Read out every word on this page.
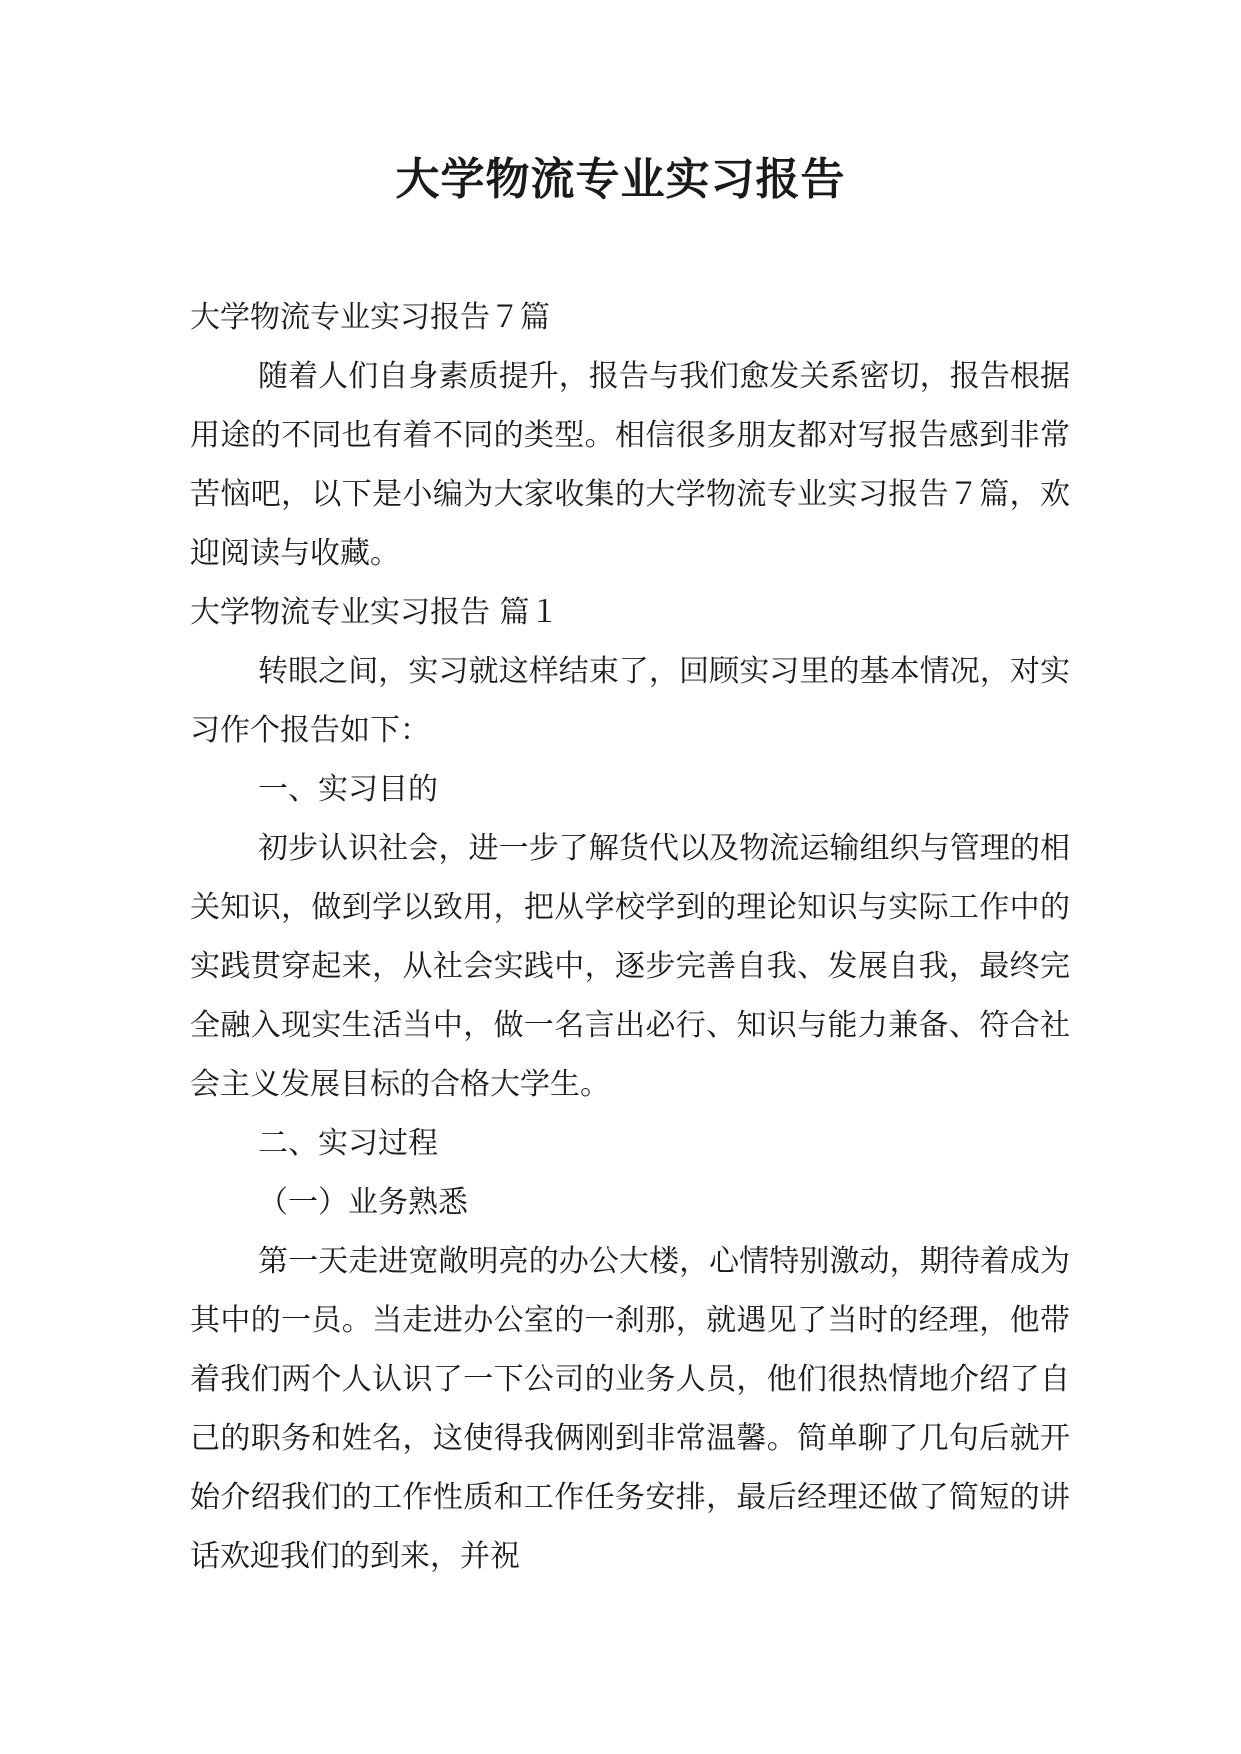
大学物流专业实习报告

大学物流专业实习报告７篇

随着人们自身素质提升，报告与我们愈发关系密切，报告根据用途的不同也有着不同的类型。相信很多朋友都对写报告感到非常苦恼吧，以下是小编为大家收集的大学物流专业实习报告７篇，欢迎阅读与收藏。

大学物流专业实习报告 篇１

转眼之间，实习就这样结束了，回顾实习里的基本情况，对实习作个报告如下：

一、实习目的

初步认识社会，进一步了解货代以及物流运输组织与管理的相关知识，做到学以致用，把从学校学到的理论知识与实际工作中的实践贯穿起来，从社会实践中，逐步完善自我、发展自我，最终完全融入现实生活当中，做一名言出必行、知识与能力兼备、符合社会主义发展目标的合格大学生。

二、实习过程

（一）业务熟悉

第一天走进宽敞明亮的办公大楼，心情特别激动，期待着成为其中的一员。当走进办公室的一刹那，就遇见了当时的经理，他带着我们两个人认识了一下公司的业务人员，他们很热情地介绍了自己的职务和姓名，这使得我俩刚到非常温馨。简单聊了几句后就开始介绍我们的工作性质和工作任务安排，最后经理还做了简短的讲话欢迎我们的到来，并祝
